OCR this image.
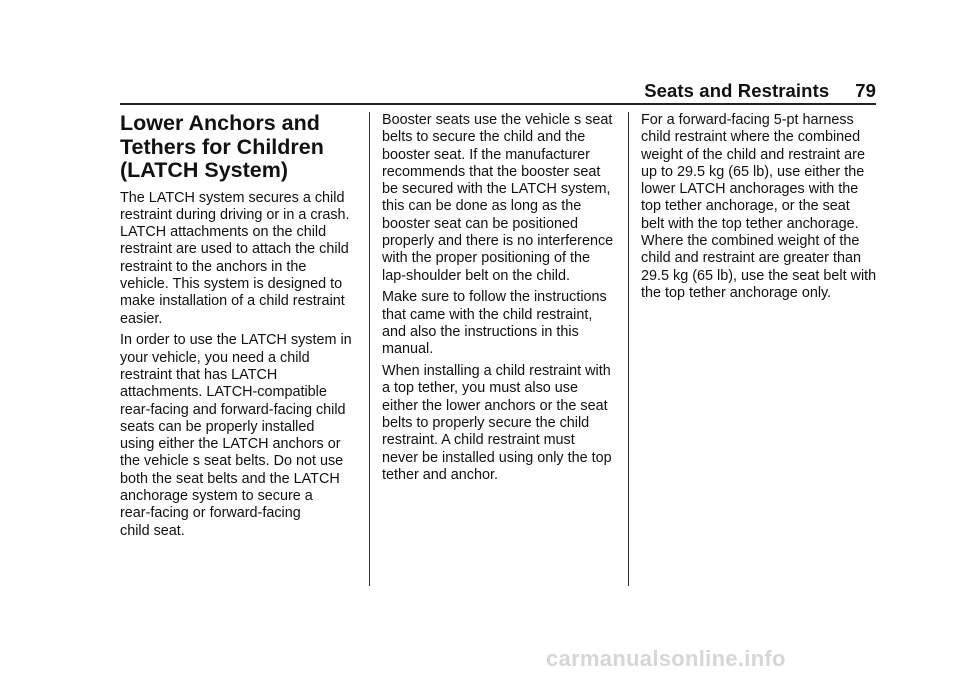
Seats and Restraints 79
Lower Anchors and
Tethers for Children
(LATCH System)

The LATCH system secures a child
restraint during driving or in a crash.
LATCH attachments on the child
restraint are used to attach the child
restraint to the anchors in the
vehicle. This system is designed to
make installation of a child restraint
easier.

In order to use the LATCH system in
your vehicle, you need a child
restraint that has LATCH
attachments. LATCH-compatible
rear-facing and forward-facing child
seats can be properly installed
using either the LATCH anchors or
the vehicle s seat belts. Do not use
both the seat belts and the LATCH
anchorage system to secure a
rear-facing or forward-facing
child seat.

Booster seats use the vehicle s seat
belts to secure the child and the
booster seat. If the manufacturer
recommends that the booster seat
be secured with the LATCH system,
this can be done as long as the
booster seat can be positioned
properly and there is no interference
with the proper positioning of the
lap-shoulder belt on the child.

Make sure to follow the instructions
that came with the child restraint,
and also the instructions in this
manual.

When installing a child restraint with
a top tether, you must also use
either the lower anchors or the seat
belts to properly secure the child
restraint. A child restraint must
never be installed using only the top
tether and anchor.

For a forward-facing 5-pt harness
child restraint where the combined
weight of the child and restraint are
up to 29.5 kg (65 lb), use either the
lower LATCH anchorages with the
top tether anchorage, or the seat
belt with the top tether anchorage.
Where the combined weight of the
child and restraint are greater than
29.5 kg (65 lb), use the seat belt with
the top tether anchorage only.

carmanualsonline.info
